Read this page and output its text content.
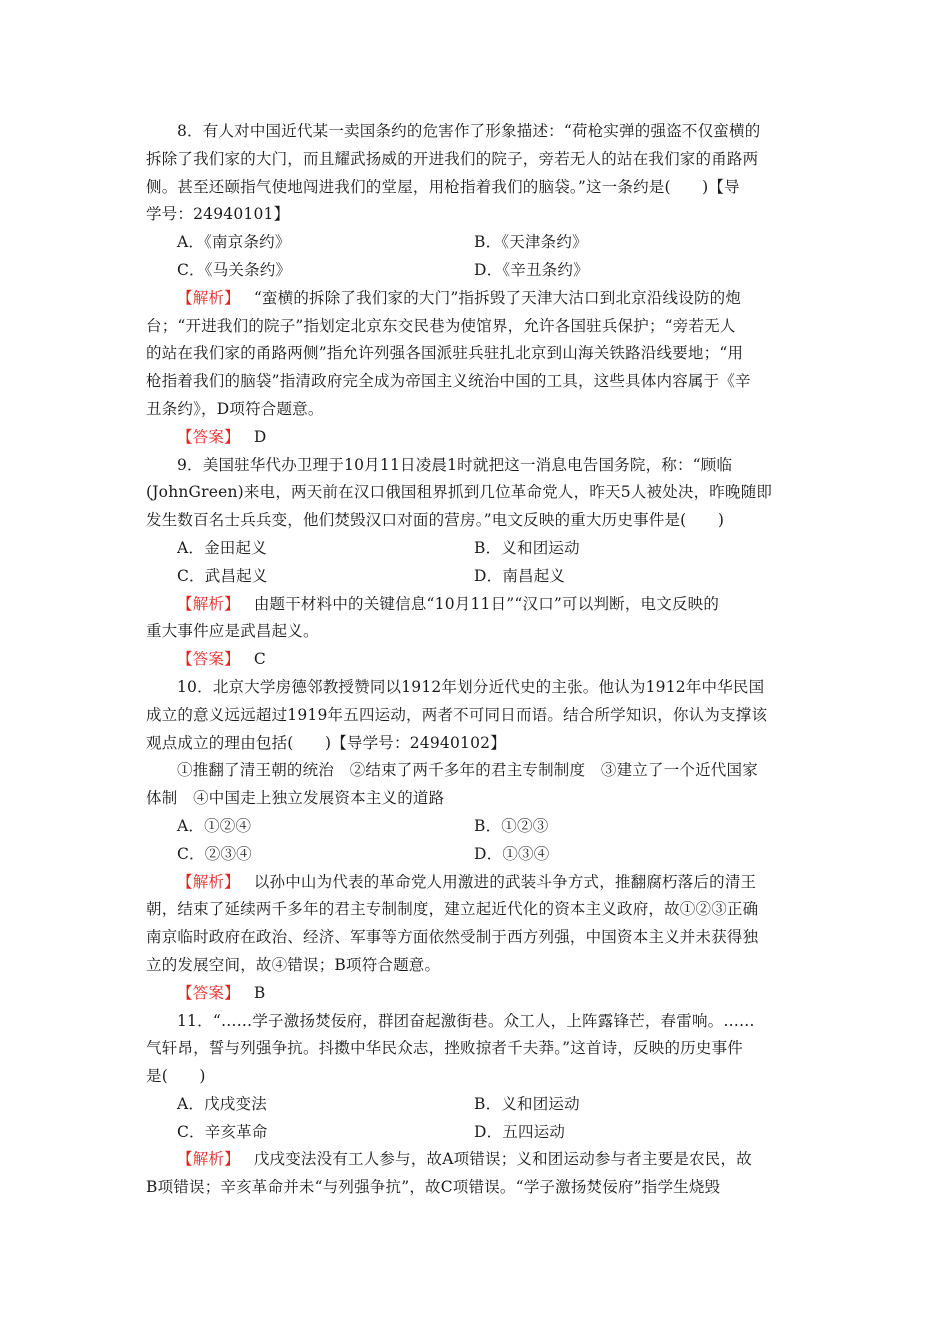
8．有人对中国近代某一卖国条约的危害作了形象描述：“荷枪实弹的强盗不仅蛮横的

拆除了我们家的大门，而且耀武扬威的开进我们的院子，旁若无人的站在我们家的甬路两

侧。甚至还颐指气使地闯进我们的堂屋，用枪指着我们的脑袋。”这一条约是(　　)【导

学号：24940101】

A．《南京条约》	B．《天津条约》
C．《马关条约》	D．《辛丑条约》

【解析】 “蛮横的拆除了我们家的大门”指拆毁了天津大沽口到北京沿线设防的炮

台；“开进我们的院子”指划定北京东交民巷为使馆界，允许各国驻兵保护；“旁若无人

的站在我们家的甬路两侧”指允许列强各国派驻兵驻扎北京到山海关铁路沿线要地；“用

枪指着我们的脑袋”指清政府完全成为帝国主义统治中国的工具，这些具体内容属于《辛

丑条约》，D项符合题意。

【答案】 D

9．美国驻华代办卫理于10月11日凌晨1时就把这一消息电告国务院，称：“顾临

(JohnGreen)来电，两天前在汉口俄国租界抓到几位革命党人，昨天5人被处决，昨晚随即

发生数百名士兵兵变，他们焚毁汉口对面的营房。”电文反映的重大历史事件是(　　)

A．金田起义	B．义和团运动
C．武昌起义	D．南昌起义

【解析】 由题干材料中的关键信息“10月11日”“汉口”可以判断，电文反映的

重大事件应是武昌起义。

【答案】 C

10．北京大学房德邻教授赞同以1912年划分近代史的主张。他认为1912年中华民国

成立的意义远远超过1919年五四运动，两者不可同日而语。结合所学知识，你认为支撑该

观点成立的理由包括(　　)【导学号：24940102】

①推翻了清王朝的统治　②结束了两千多年的君主专制制度　③建立了一个近代国家

体制　④中国走上独立发展资本主义的道路

A．①②④	B．①②③
C．②③④	D．①③④

【解析】 以孙中山为代表的革命党人用激进的武装斗争方式，推翻腐朽落后的清王

朝，结束了延续两千多年的君主专制制度，建立起近代化的资本主义政府，故①②③正确

南京临时政府在政治、经济、军事等方面依然受制于西方列强，中国资本主义并未获得独

立的发展空间，故④错误；B项符合题意。

【答案】 B

11．“……学子激扬焚佞府，群团奋起激街巷。众工人，上阵露锋芒，春雷响。……

气轩昂，誓与列强争抗。抖擞中华民众志，挫败掠者千夫莽。”这首诗，反映的历史事件

是(　　)

A．戊戌变法	B．义和团运动
C．辛亥革命	D．五四运动

【解析】 戊戌变法没有工人参与，故A项错误；义和团运动参与者主要是农民，故

B项错误；辛亥革命并未“与列强争抗”，故C项错误。“学子激扬焚佞府”指学生烧毁
